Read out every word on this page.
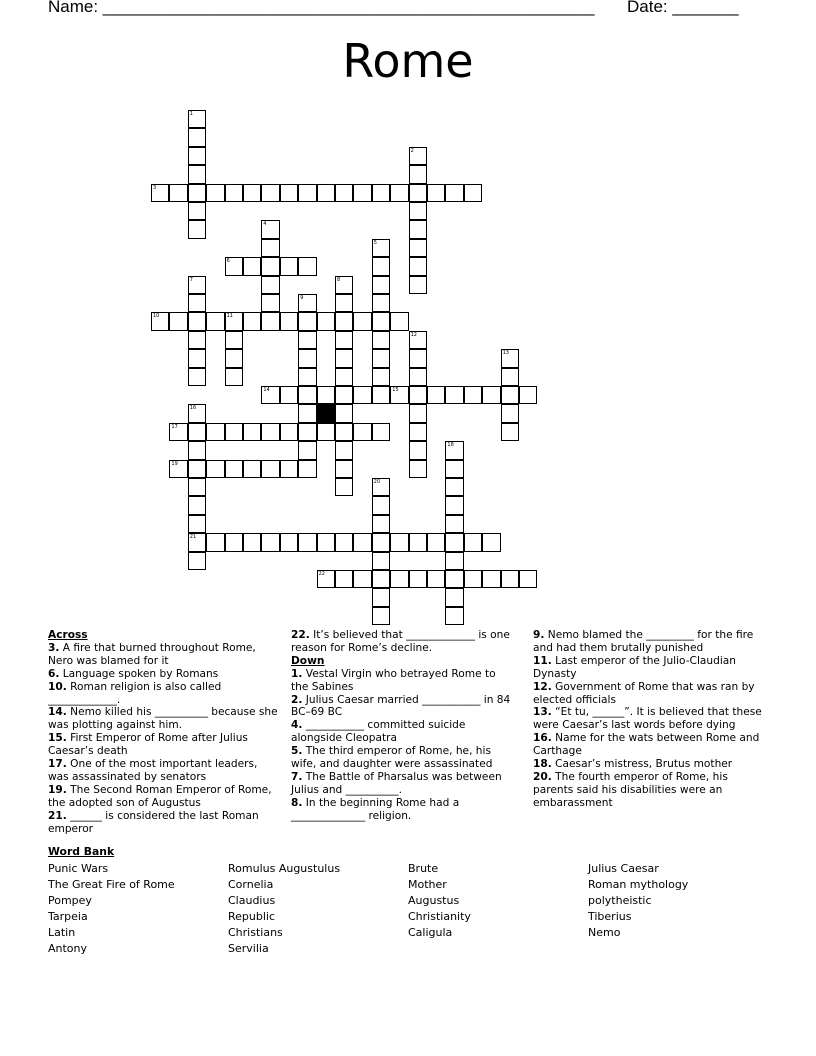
Name: ____________________________________________________ Date: _______
Rome
1
2
3
4
5
6
7	8
9
10	11
12
13
14	15
16
21
17
18
19
20
22
Across

3. A fire that burned throughout Rome, Nero was blamed for it

6. Language spoken by Romans

10. Roman religion is also called _____________.

14. Nemo killed his __________ because she was plotting against him.

15. First Emperor of Rome after Julius Caesar’s death

17. One of the most important leaders, was assassinated by senators

19. The Second Roman Emperor of Rome, the adopted son of Augustus

21. ______ is considered the last Roman emperor

22. It’s believed that _____________ is one reason for Rome’s decline.

Down

1. Vestal Virgin who betrayed Rome to the Sabines

2. Julius Caesar married ___________ in 84 BC–69 BC

4. ___________ committed suicide alongside Cleopatra

5. The third emperor of Rome, he, his wife, and daughter were assassinated

7. The Battle of Pharsalus was between Julius and __________.

8. In the beginning Rome had a ______________ religion.

9. Nemo blamed the _________ for the fire and had them brutally punished

11. Last emperor of the Julio-Claudian Dynasty

12. Government of Rome that was ran by elected officials

13. “Et tu, ______”. It is believed that these were Caesar’s last words before dying

16. Name for the wats between Rome and Carthage

18. Caesar’s mistress, Brutus mother

20. The fourth emperor of Rome, his parents said his disabilities were an embarassment

Word Bank
Punic Wars
The Great Fire of Rome
Pompey
Tarpeia
Latin
Antony
Romulus Augustulus
Cornelia
Claudius
Republic
Christians
Servilia
Brute
Mother
Augustus
Christianity
Caligula
Julius Caesar
Roman mythology
polytheistic
Tiberius
Nemo
